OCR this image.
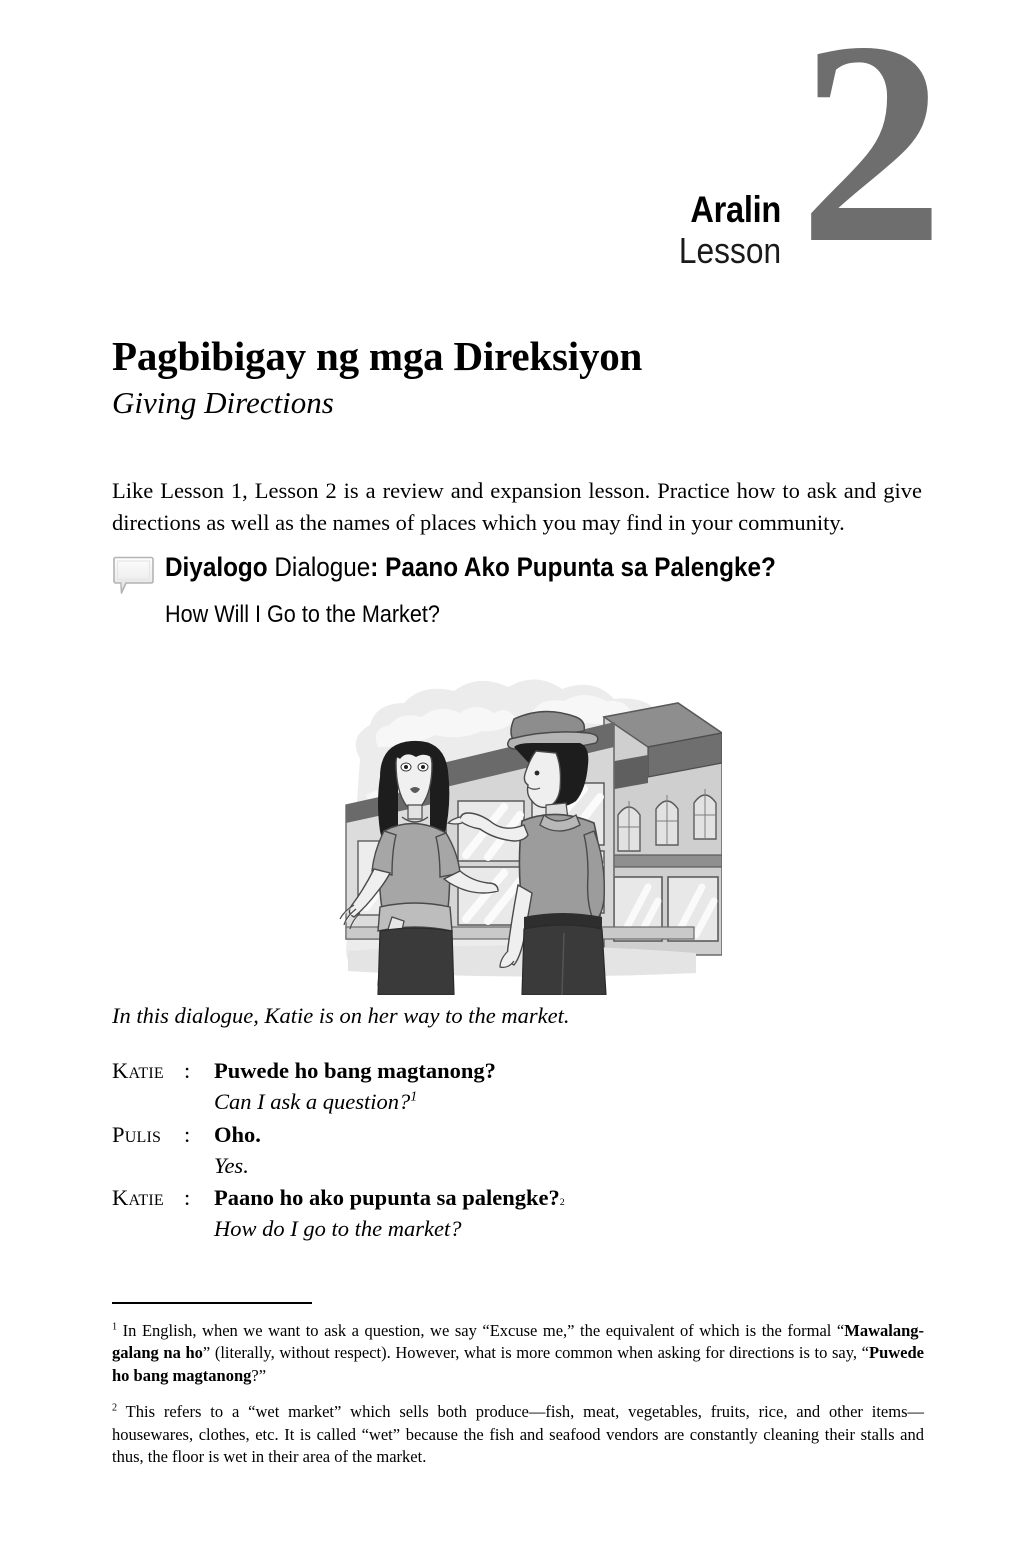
Aralin
Lesson 2
Pagbibigay ng mga Direksiyon
Giving Directions

Like Lesson 1, Lesson 2 is a review and expansion lesson. Practice how to ask and give directions as well as the names of places which you may find in your community.

Diyalogo Dialogue: Paano Ako Pupunta sa Palengke?
How Will I Go to the Market?
In this dialogue, Katie is on her way to the market.
Katie :	Puwede ho bang magtanong?
Can I ask a question?$^1$
Pulis	:	Oho.
Yes.
Katie :	Paano ho ako pupunta sa palengke? 2
How do I go to the market?
$^1$ In English, when we want to ask a question, we say “Excuse me,” the equivalent of which is the formal “Mawalang-galang na ho” (literally, without respect). However, what is more common when asking for directions is to say, “Puwede ho bang magtanong?”
$^2$ This refers to a “wet market” which sells both produce—fish, meat, vegetables, fruits, rice, and other items—housewares, clothes, etc. It is called “wet” because the fish and seafood vendors are constantly cleaning their stalls and thus, the floor is wet in their area of the market.
